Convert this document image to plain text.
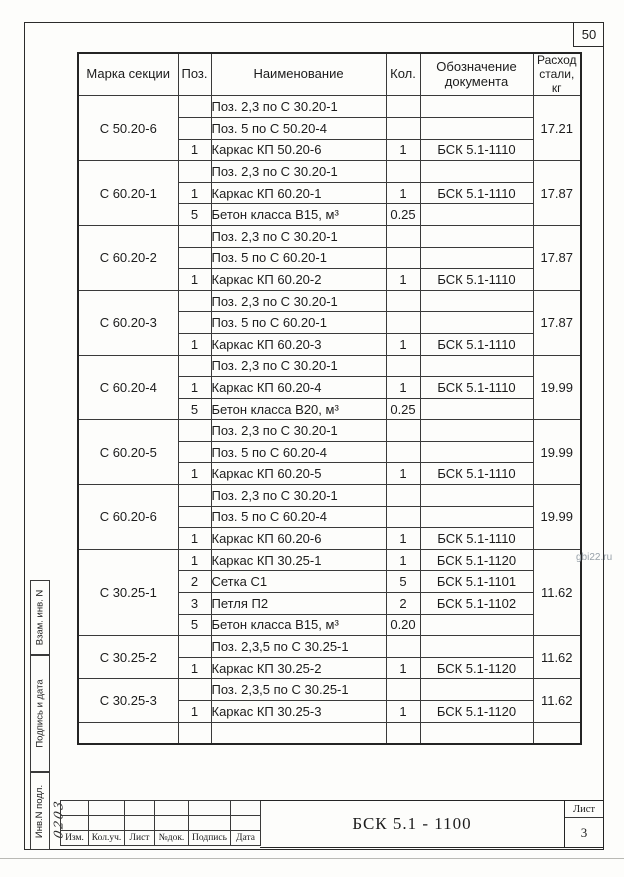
50
Марка секции	Поз.	Наименование	Кол.	Обозначение документа	Расход стали, кг
С 50.20-6		Поз. 2,3 по С 30.20-1			17.21
		Поз. 5 по С 50.20-4			
	1	Каркас КП 50.20-6	1	БСК 5.1-1110	
С 60.20-1		Поз. 2,3 по С 30.20-1			17.87
	1	Каркас КП 60.20-1	1	БСК 5.1-1110	
	5	Бетон класса В15, м³	0.25		
С 60.20-2		Поз. 2,3 по С 30.20-1			17.87
		Поз. 5 по С 60.20-1			
	1	Каркас КП 60.20-2	1	БСК 5.1-1110	
С 60.20-3		Поз. 2,3 по С 30.20-1			17.87
		Поз. 5 по С 60.20-1			
	1	Каркас КП 60.20-3	1	БСК 5.1-1110	
С 60.20-4		Поз. 2,3 по С 30.20-1			19.99
	1	Каркас КП 60.20-4	1	БСК 5.1-1110	
	5	Бетон класса В20, м³	0.25		
С 60.20-5		Поз. 2,3 по С 30.20-1			19.99
		Поз. 5 по С 60.20-4			
	1	Каркас КП 60.20-5	1	БСК 5.1-1110	
С 60.20-6		Поз. 2,3 по С 30.20-1			19.99
		Поз. 5 по С 60.20-4			
	1	Каркас КП 60.20-6	1	БСК 5.1-1110	
С 30.25-1	1	Каркас КП 30.25-1	1	БСК 5.1-1120	11.62
	2	Сетка С1	5	БСК 5.1-1101	
	3	Петля П2	2	БСК 5.1-1102	
	5	Бетон класса В15, м³	0.20		
С 30.25-2		Поз. 2,3,5 по С 30.25-1			11.62
	1	Каркас КП 30.25-2	1	БСК 5.1-1120	
С 30.25-3		Поз. 2,3,5 по С 30.25-1			11.62
	1	Каркас КП 30.25-3	1	БСК 5.1-1120	

Взам. инв. N
Подпись и дата
Инв.N подл. 0203
gbi22.ru

Изм.	Кол.уч.	Лист	№док.	Подпись	Дата
БСК 5.1 - 1100
Лист
3
